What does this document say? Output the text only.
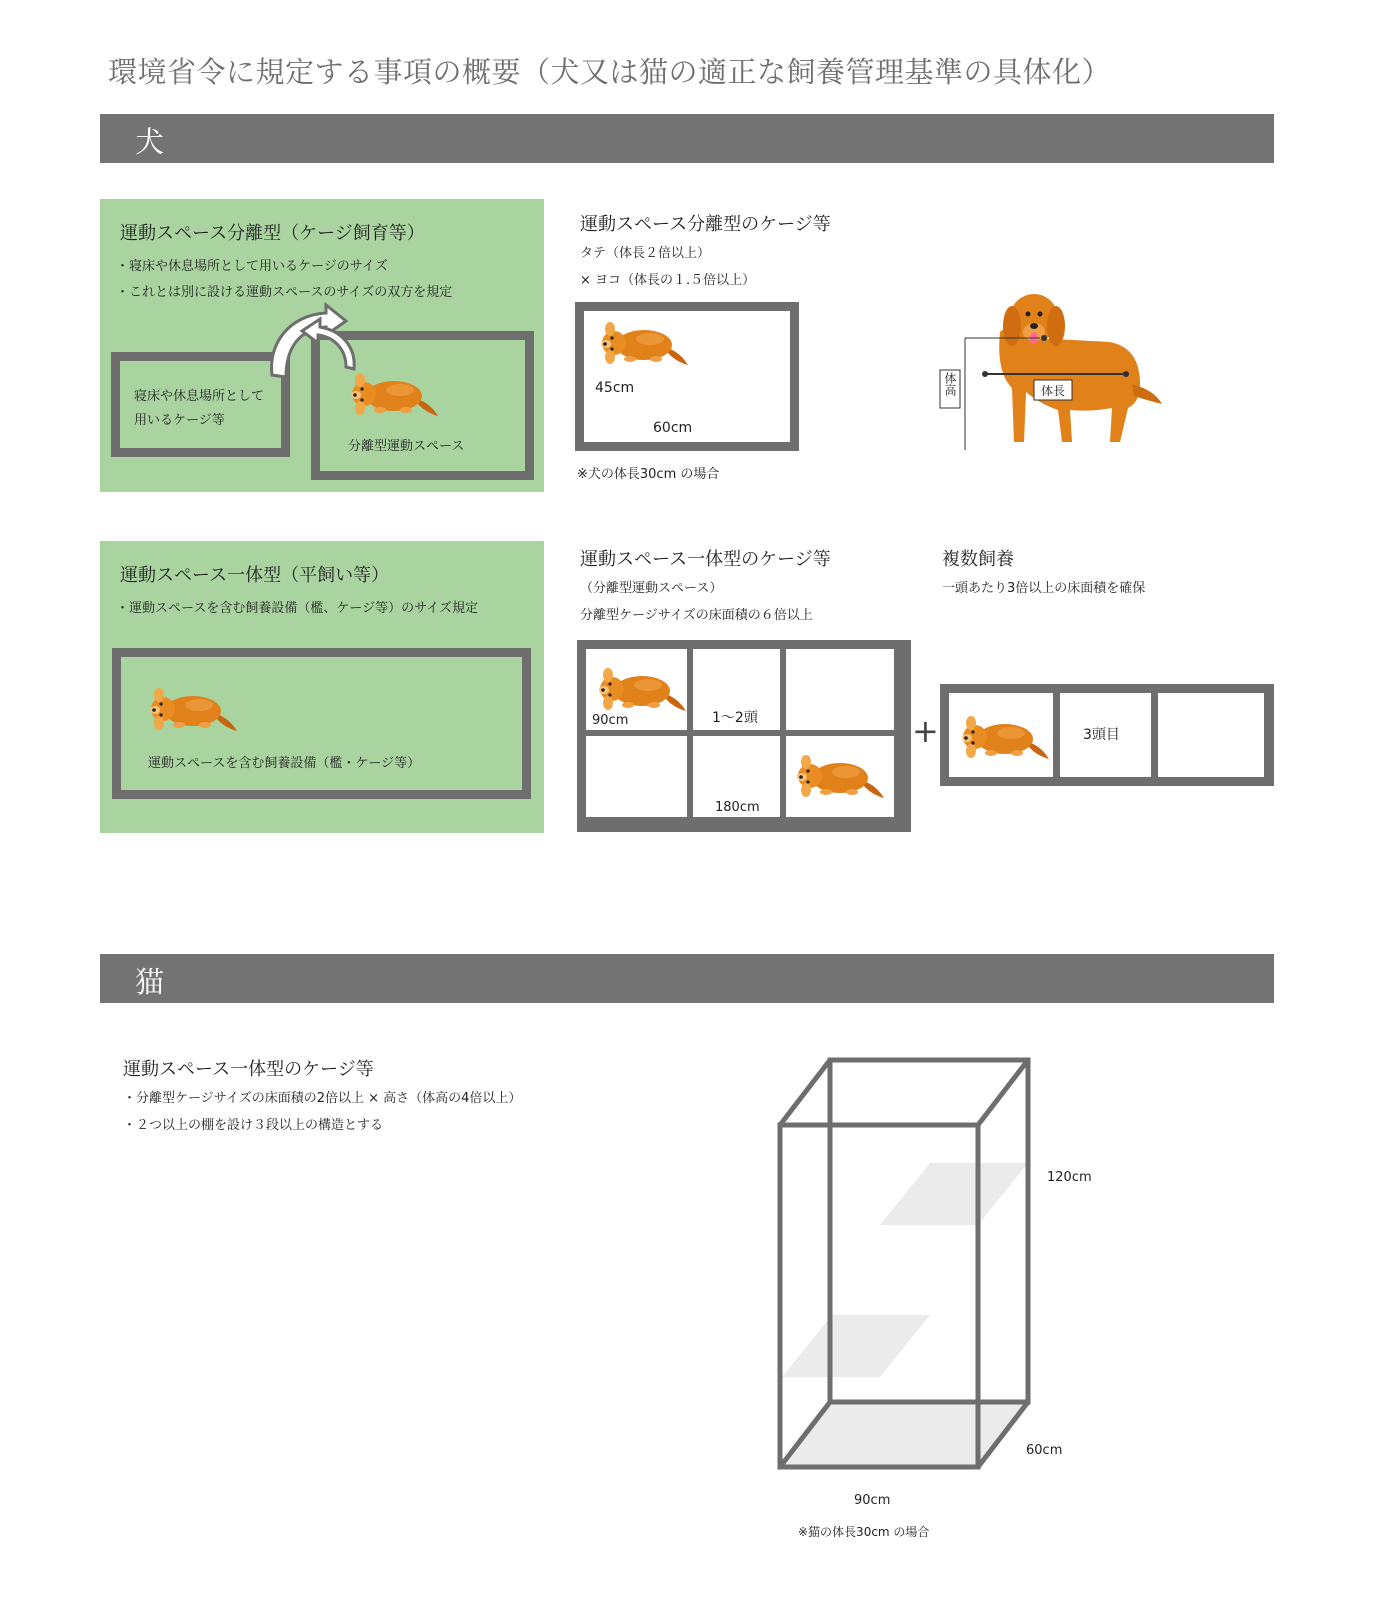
環境省令に規定する事項の概要（犬又は猫の適正な飼養管理基準の具体化）
犬
運動スペース分離型（ケージ飼育等）
・寝床や休息場所として用いるケージのサイズ
・これとは別に設ける運動スペースのサイズの双方を規定
寝床や休息場所として
用いるケージ等
分離型運動スペース
運動スペース分離型のケージ等
タテ（体長２倍以上）
× ヨコ（体長の１.５倍以上）
45cm
60cm
※犬の体長30cm の場合
体高	体長
運動スペース一体型（平飼い等）
・運動スペースを含む飼養設備（檻、ケージ等）のサイズ規定
運動スペースを含む飼養設備（檻・ケージ等）
運動スペース一体型のケージ等
（分離型運動スペース）
分離型ケージサイズの床面積の６倍以上
90cm	1～2頭
180cm
複数飼養
一頭あたり3倍以上の床面積を確保
+	3頭目
猫
運動スペース一体型のケージ等
・分離型ケージサイズの床面積の2倍以上 × 高さ（体高の4倍以上）
・２つ以上の棚を設け３段以上の構造とする
120cm
60cm
90cm
※猫の体長30cm の場合
